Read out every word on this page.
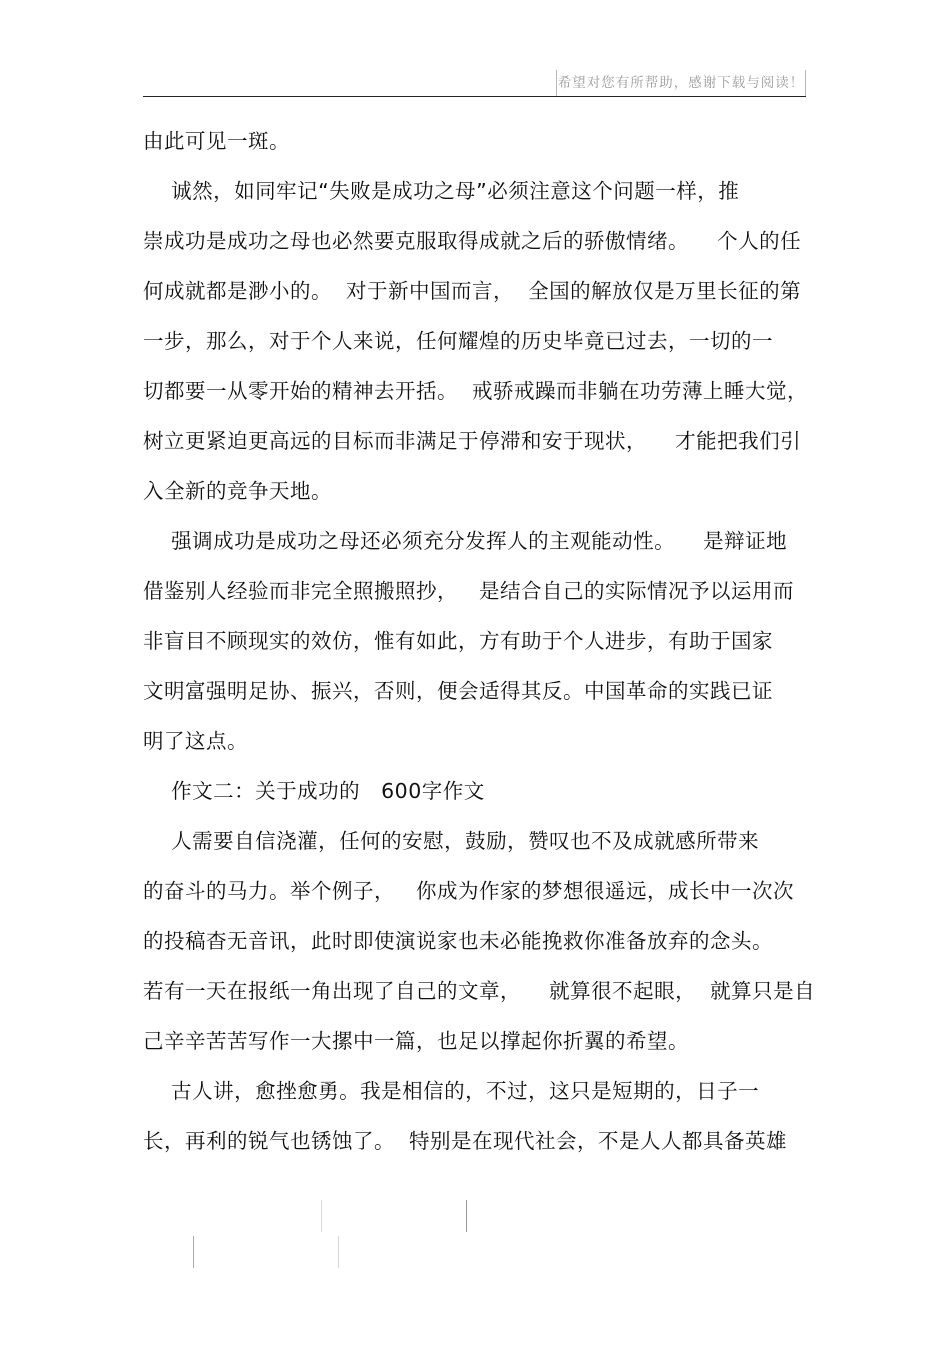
希望对您有所帮助，感谢下载与阅读！
由此可见一斑。
诚然，如同牢记“失败是成功之母”必须注意这个问题一样，推
崇成功是成功之母也必然要克服取得成就之后的骄傲情绪。    个人的任
何成就都是渺小的。  对于新中国而言，  全国的解放仅是万里长征的第
一步，那么，对于个人来说，任何耀煌的历史毕竟已过去，一切的一
切都要一从零开始的精神去开括。  戒骄戒躁而非躺在功劳薄上睡大觉，
树立更紧迫更高远的目标而非满足于停滞和安于现状，    才能把我们引
入全新的竞争天地。
强调成功是成功之母还必须充分发挥人的主观能动性。    是辩证地
借鉴别人经验而非完全照搬照抄，   是结合自己的实际情况予以运用而
非盲目不顾现实的效仿，惟有如此，方有助于个人进步，有助于国家
文明富强明足协、振兴，否则，便会适得其反。中国革命的实践已证
明了这点。
作文二：关于成功的   600字作文
人需要自信浇灌，任何的安慰，鼓励，赞叹也不及成就感所带来
的奋斗的马力。举个例子，   你成为作家的梦想很遥远，成长中一次次
的投稿杳无音讯，此时即使演说家也未必能挽救你准备放弃的念头。
若有一天在报纸一角出现了自己的文章，    就算很不起眼，  就算只是自
己辛辛苦苦写作一大摞中一篇，也足以撑起你折翼的希望。
古人讲，愈挫愈勇。我是相信的，不过，这只是短期的，日子一
长，再利的锐气也锈蚀了。  特别是在现代社会，不是人人都具备英雄
